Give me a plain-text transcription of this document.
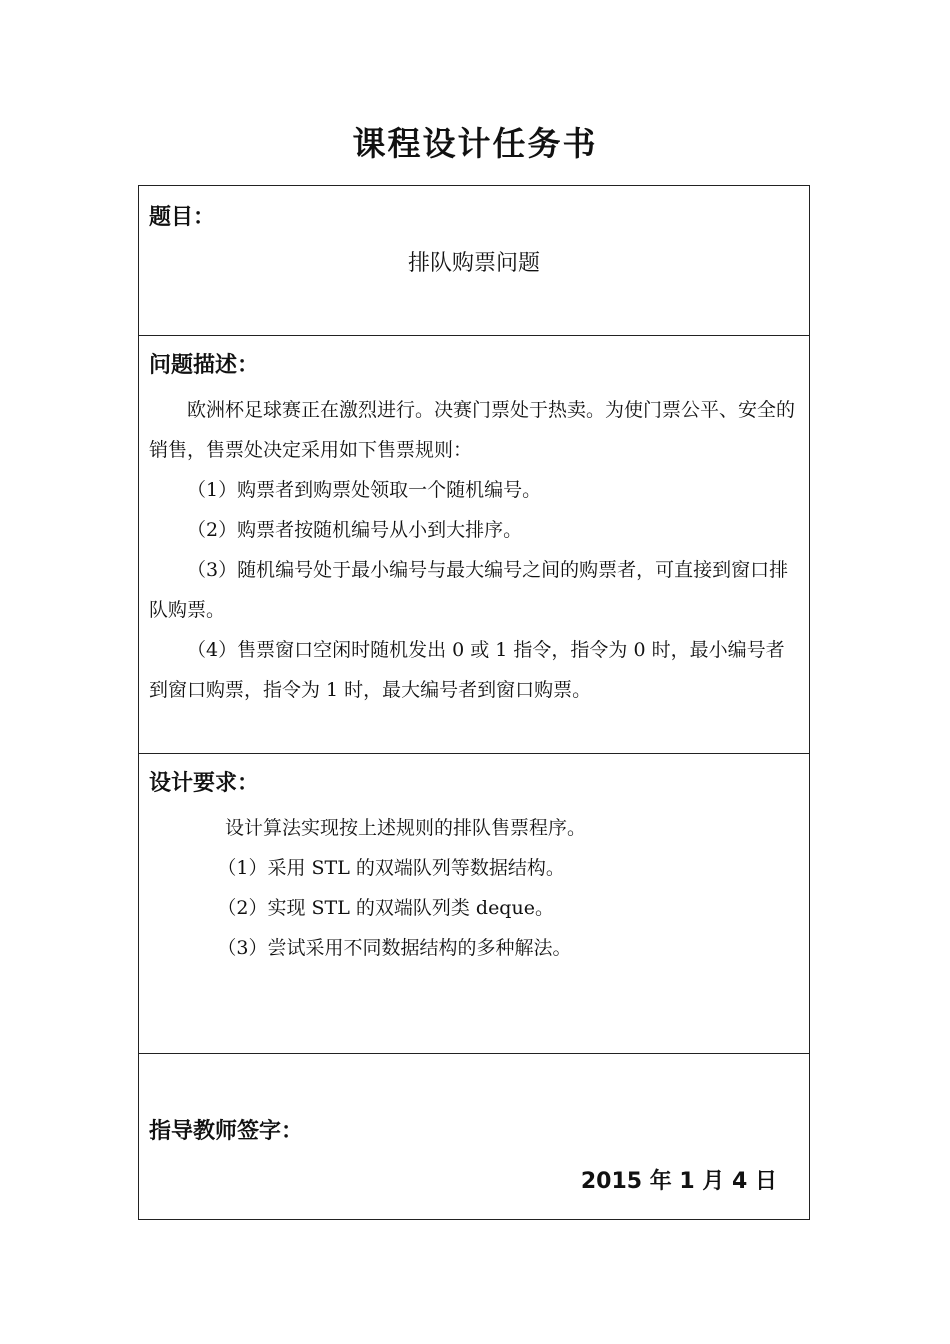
课程设计任务书
题目：
排队购票问题
问题描述：

欧洲杯足球赛正在激烈进行。决赛门票处于热卖。为使门票公平、安全的销售，售票处决定采用如下售票规则：

（1）购票者到购票处领取一个随机编号。

（2）购票者按随机编号从小到大排序。

（3）随机编号处于最小编号与最大编号之间的购票者，可直接到窗口排队购票。

（4）售票窗口空闲时随机发出 0 或 1 指令，指令为 0 时，最小编号者到窗口购票，指令为 1 时，最大编号者到窗口购票。

设计要求：

设计算法实现按上述规则的排队售票程序。

（1）采用 STL 的双端队列等数据结构。

（2）实现 STL 的双端队列类 deque。

（3）尝试采用不同数据结构的多种解法。

指导教师签字：
2015 年 1 月 4 日
